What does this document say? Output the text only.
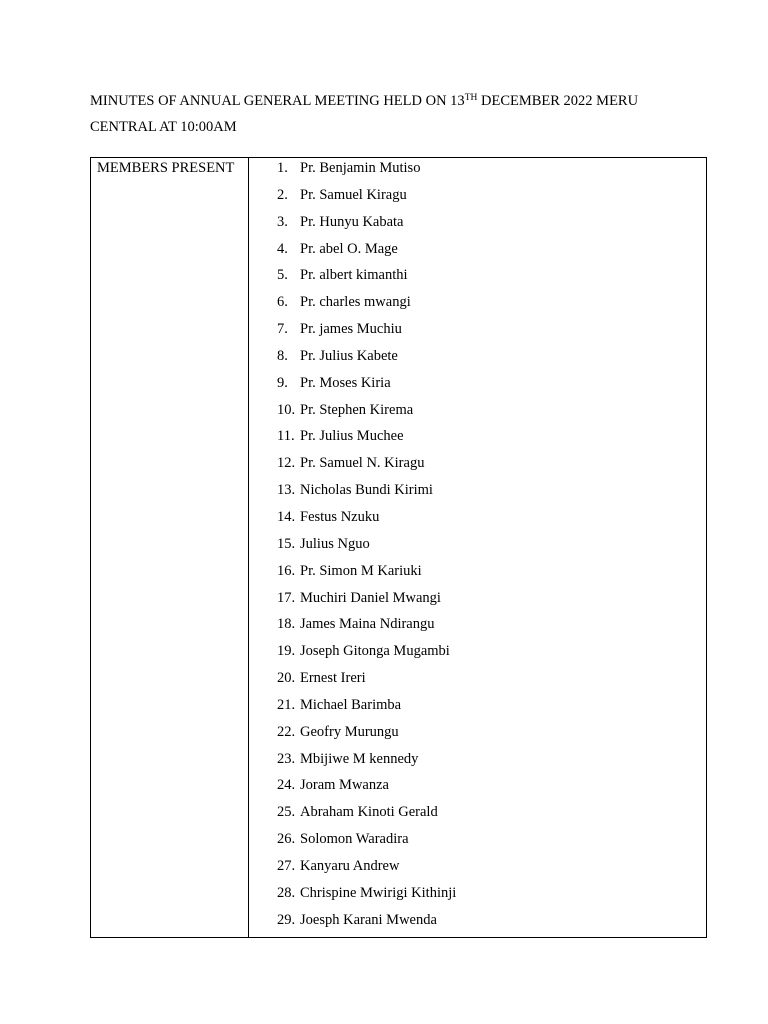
MINUTES OF ANNUAL GENERAL MEETING HELD ON 13TH DECEMBER 2022 MERU CENTRAL AT 10:00AM
MEMBERS PRESENT	1. Pr. Benjamin Mutiso
2. Pr. Samuel Kiragu
3. Pr. Hunyu Kabata
4. Pr. abel O. Mage
5. Pr. albert kimanthi
6. Pr. charles mwangi
7. Pr. james Muchiu
8. Pr. Julius Kabete
9. Pr. Moses Kiria
10. Pr. Stephen Kirema
11. Pr. Julius Muchee
12. Pr. Samuel N. Kiragu
13. Nicholas Bundi Kirimi
14. Festus Nzuku
15. Julius Nguo
16. Pr. Simon M Kariuki
17. Muchiri Daniel Mwangi
18. James Maina Ndirangu
19. Joseph Gitonga Mugambi
20. Ernest Ireri
21. Michael Barimba
22. Geofry Murungu
23. Mbijiwe M kennedy
24. Joram Mwanza
25. Abraham Kinoti Gerald
26. Solomon Waradira
27. Kanyaru Andrew
28. Chrispine Mwirigi Kithinji
29. Joesph Karani Mwenda
